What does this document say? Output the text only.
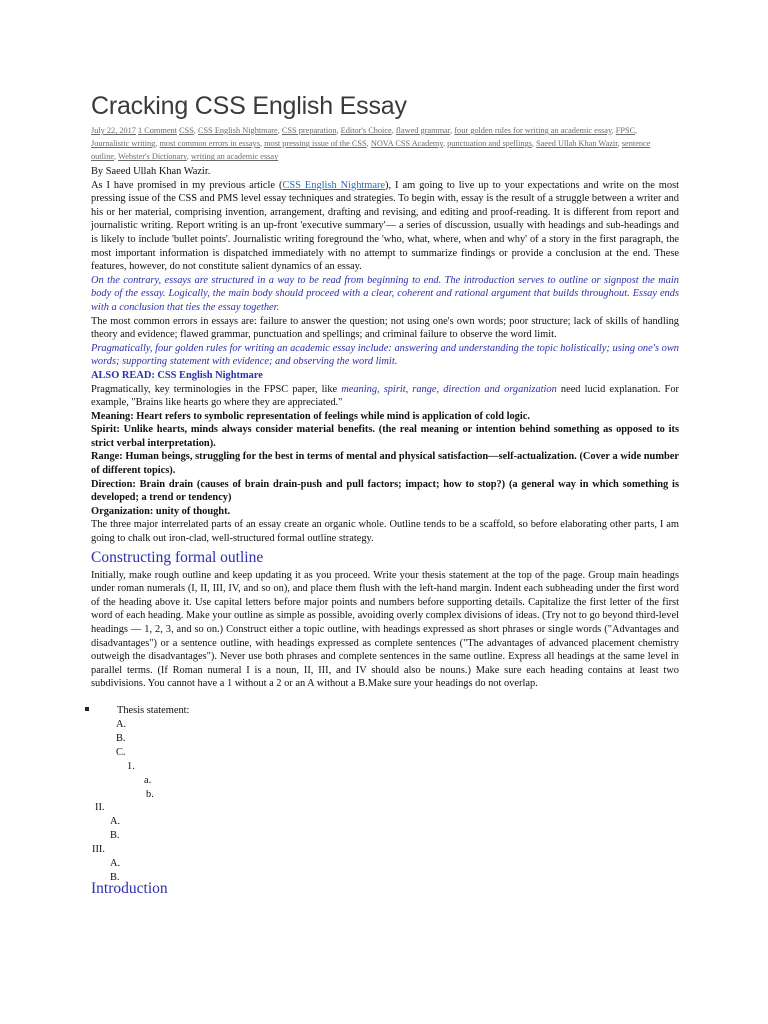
Cracking CSS English Essay
July 22, 2017 1 Comment CSS, CSS English Nightmare, CSS preparation, Editor's Choice, flawed grammar, four golden rules for writing an academic essay, FPSC, Journalistic writing, most common errors in essays, most pressing issue of the CSS, NOVA CSS Academy, punctuation and spellings, Saeed Ullah Khan Wazir, sentence outline, Webster's Dictionary, writing an academic essay

By Saeed Ullah Khan Wazir.

As I have promised in my previous article (CSS English Nightmare), I am going to live up to your expectations and write on the most pressing issue of the CSS and PMS level essay techniques and strategies. To begin with, essay is the result of a struggle between a writer and his or her material, comprising invention, arrangement, drafting and revising, and editing and proof-reading. It is different from report and journalistic writing. Report writing is an up-front 'executive summary'— a series of discussion, usually with headings and sub-headings and is likely to include 'bullet points'. Journalistic writing foreground the 'who, what, where, when and why' of a story in the first paragraph, the most important information is dispatched immediately with no attempt to summarize findings or provide a conclusion at the end. These features, however, do not constitute salient dynamics of an essay.

On the contrary, essays are structured in a way to be read from beginning to end. The introduction serves to outline or signpost the main body of the essay. Logically, the main body should proceed with a clear, coherent and rational argument that builds throughout. Essay ends with a conclusion that ties the essay together.

The most common errors in essays are: failure to answer the question; not using one's own words; poor structure; lack of skills of handling theory and evidence; flawed grammar, punctuation and spellings; and criminal failure to observe the word limit.

Pragmatically, four golden rules for writing an academic essay include: answering and understanding the topic holistically; using one's own words; supporting statement with evidence; and observing the word limit.

ALSO READ: CSS English Nightmare

Pragmatically, key terminologies in the FPSC paper, like meaning, spirit, range, direction and organization need lucid explanation. For example, "Brains like hearts go where they are appreciated."

Meaning: Heart refers to symbolic representation of feelings while mind is application of cold logic.

Spirit: Unlike hearts, minds always consider material benefits. (the real meaning or intention behind something as opposed to its strict verbal interpretation).

Range: Human beings, struggling for the best in terms of mental and physical satisfaction—self-actualization. (Cover a wide number of different topics).

Direction: Brain drain (causes of brain drain-push and pull factors; impact; how to stop?) (a general way in which something is developed; a trend or tendency)

Organization: unity of thought.

The three major interrelated parts of an essay create an organic whole. Outline tends to be a scaffold, so before elaborating other parts, I am going to chalk out iron-clad, well-structured formal outline strategy.

Constructing formal outline

Initially, make rough outline and keep updating it as you proceed. Write your thesis statement at the top of the page. Group main headings under roman numerals (I, II, III, IV, and so on), and place them flush with the left-hand margin. Indent each subheading under the first word of the heading above it. Use capital letters before major points and numbers before supporting details. Capitalize the first letter of the first word of each heading. Make your outline as simple as possible, avoiding overly complex divisions of ideas. (Try not to go beyond third-level headings — 1, 2, 3, and so on.) Construct either a topic outline, with headings expressed as short phrases or single words ("Advantages and disadvantages") or a sentence outline, with headings expressed as complete sentences ("The advantages of advanced placement chemistry outweigh the disadvantages"). Never use both phrases and complete sentences in the same outline. Express all headings at the same level in parallel terms. (If Roman numeral I is a noun, II, III, and IV should also be nouns.) Make sure each heading contains at least two subdivisions. You cannot have a 1 without a 2 or an A without a B.Make sure your headings do not overlap.

Thesis statement:
A.
B.
C.
1.
a.
b.
II.
A.
B.
III.
A.
B.
Introduction
